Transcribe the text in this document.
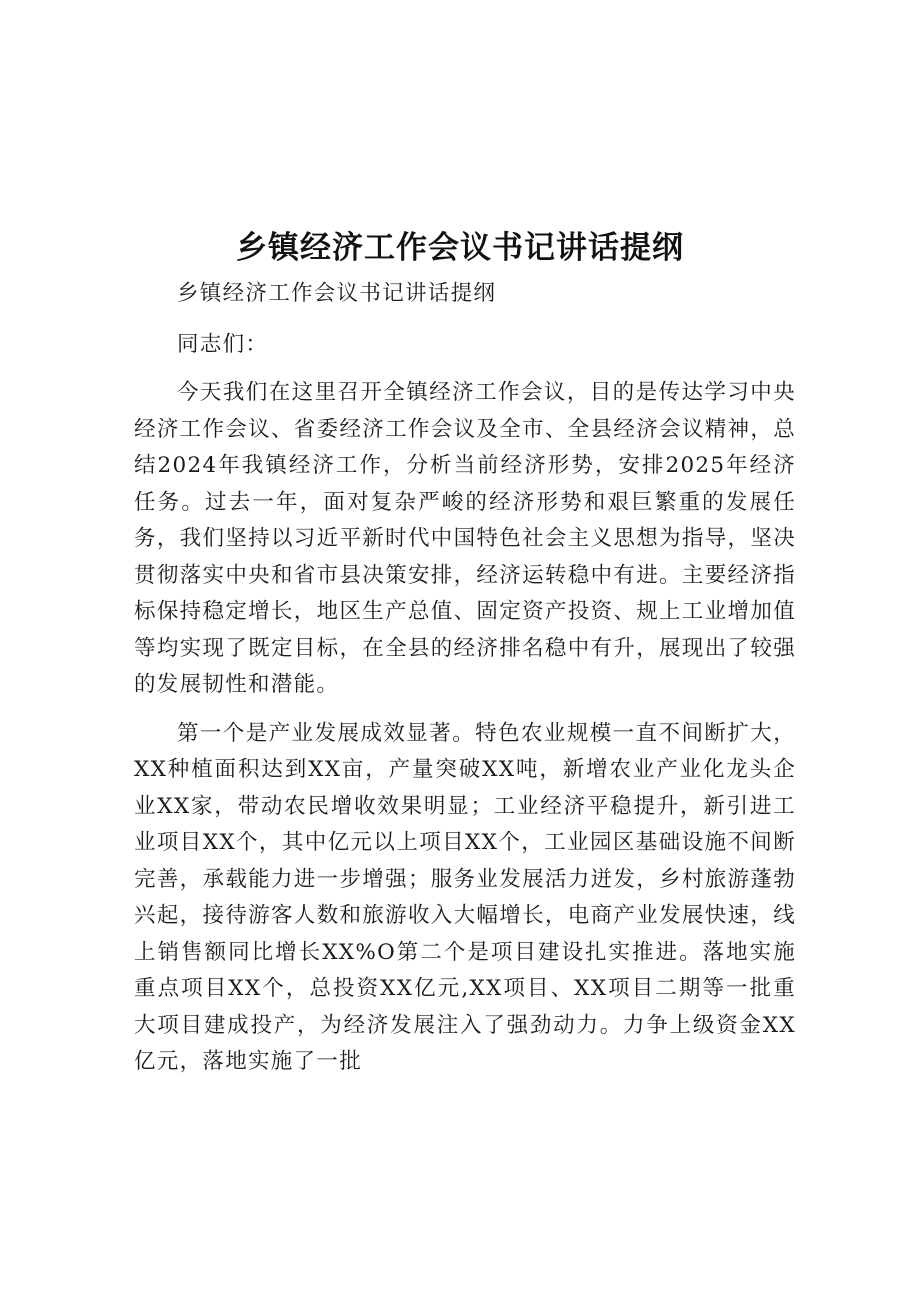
乡镇经济工作会议书记讲话提纲

乡镇经济工作会议书记讲话提纲

同志们：

今天我们在这里召开全镇经济工作会议，目的是传达学习中央经济工作会议、省委经济工作会议及全市、全县经济会议精神，总结2024年我镇经济工作，分析当前经济形势，安排2025年经济任务。过去一年，面对复杂严峻的经济形势和艰巨繁重的发展任务，我们坚持以习近平新时代中国特色社会主义思想为指导，坚决贯彻落实中央和省市县决策安排，经济运转稳中有进。主要经济指标保持稳定增长，地区生产总值、固定资产投资、规上工业增加值等均实现了既定目标，在全县的经济排名稳中有升，展现出了较强的发展韧性和潜能。

第一个是产业发展成效显著。特色农业规模一直不间断扩大，XX种植面积达到XX亩，产量突破XX吨，新增农业产业化龙头企业XX家，带动农民增收效果明显；工业经济平稳提升，新引进工业项目XX个，其中亿元以上项目XX个，工业园区基础设施不间断完善，承载能力进一步增强；服务业发展活力迸发，乡村旅游蓬勃兴起，接待游客人数和旅游收入大幅增长，电商产业发展快速，线上销售额同比增长XX%O第二个是项目建设扎实推进。落地实施重点项目XX个，总投资XX亿元,XX项目、XX项目二期等一批重大项目建成投产，为经济发展注入了强劲动力。力争上级资金XX亿元，落地实施了一批
